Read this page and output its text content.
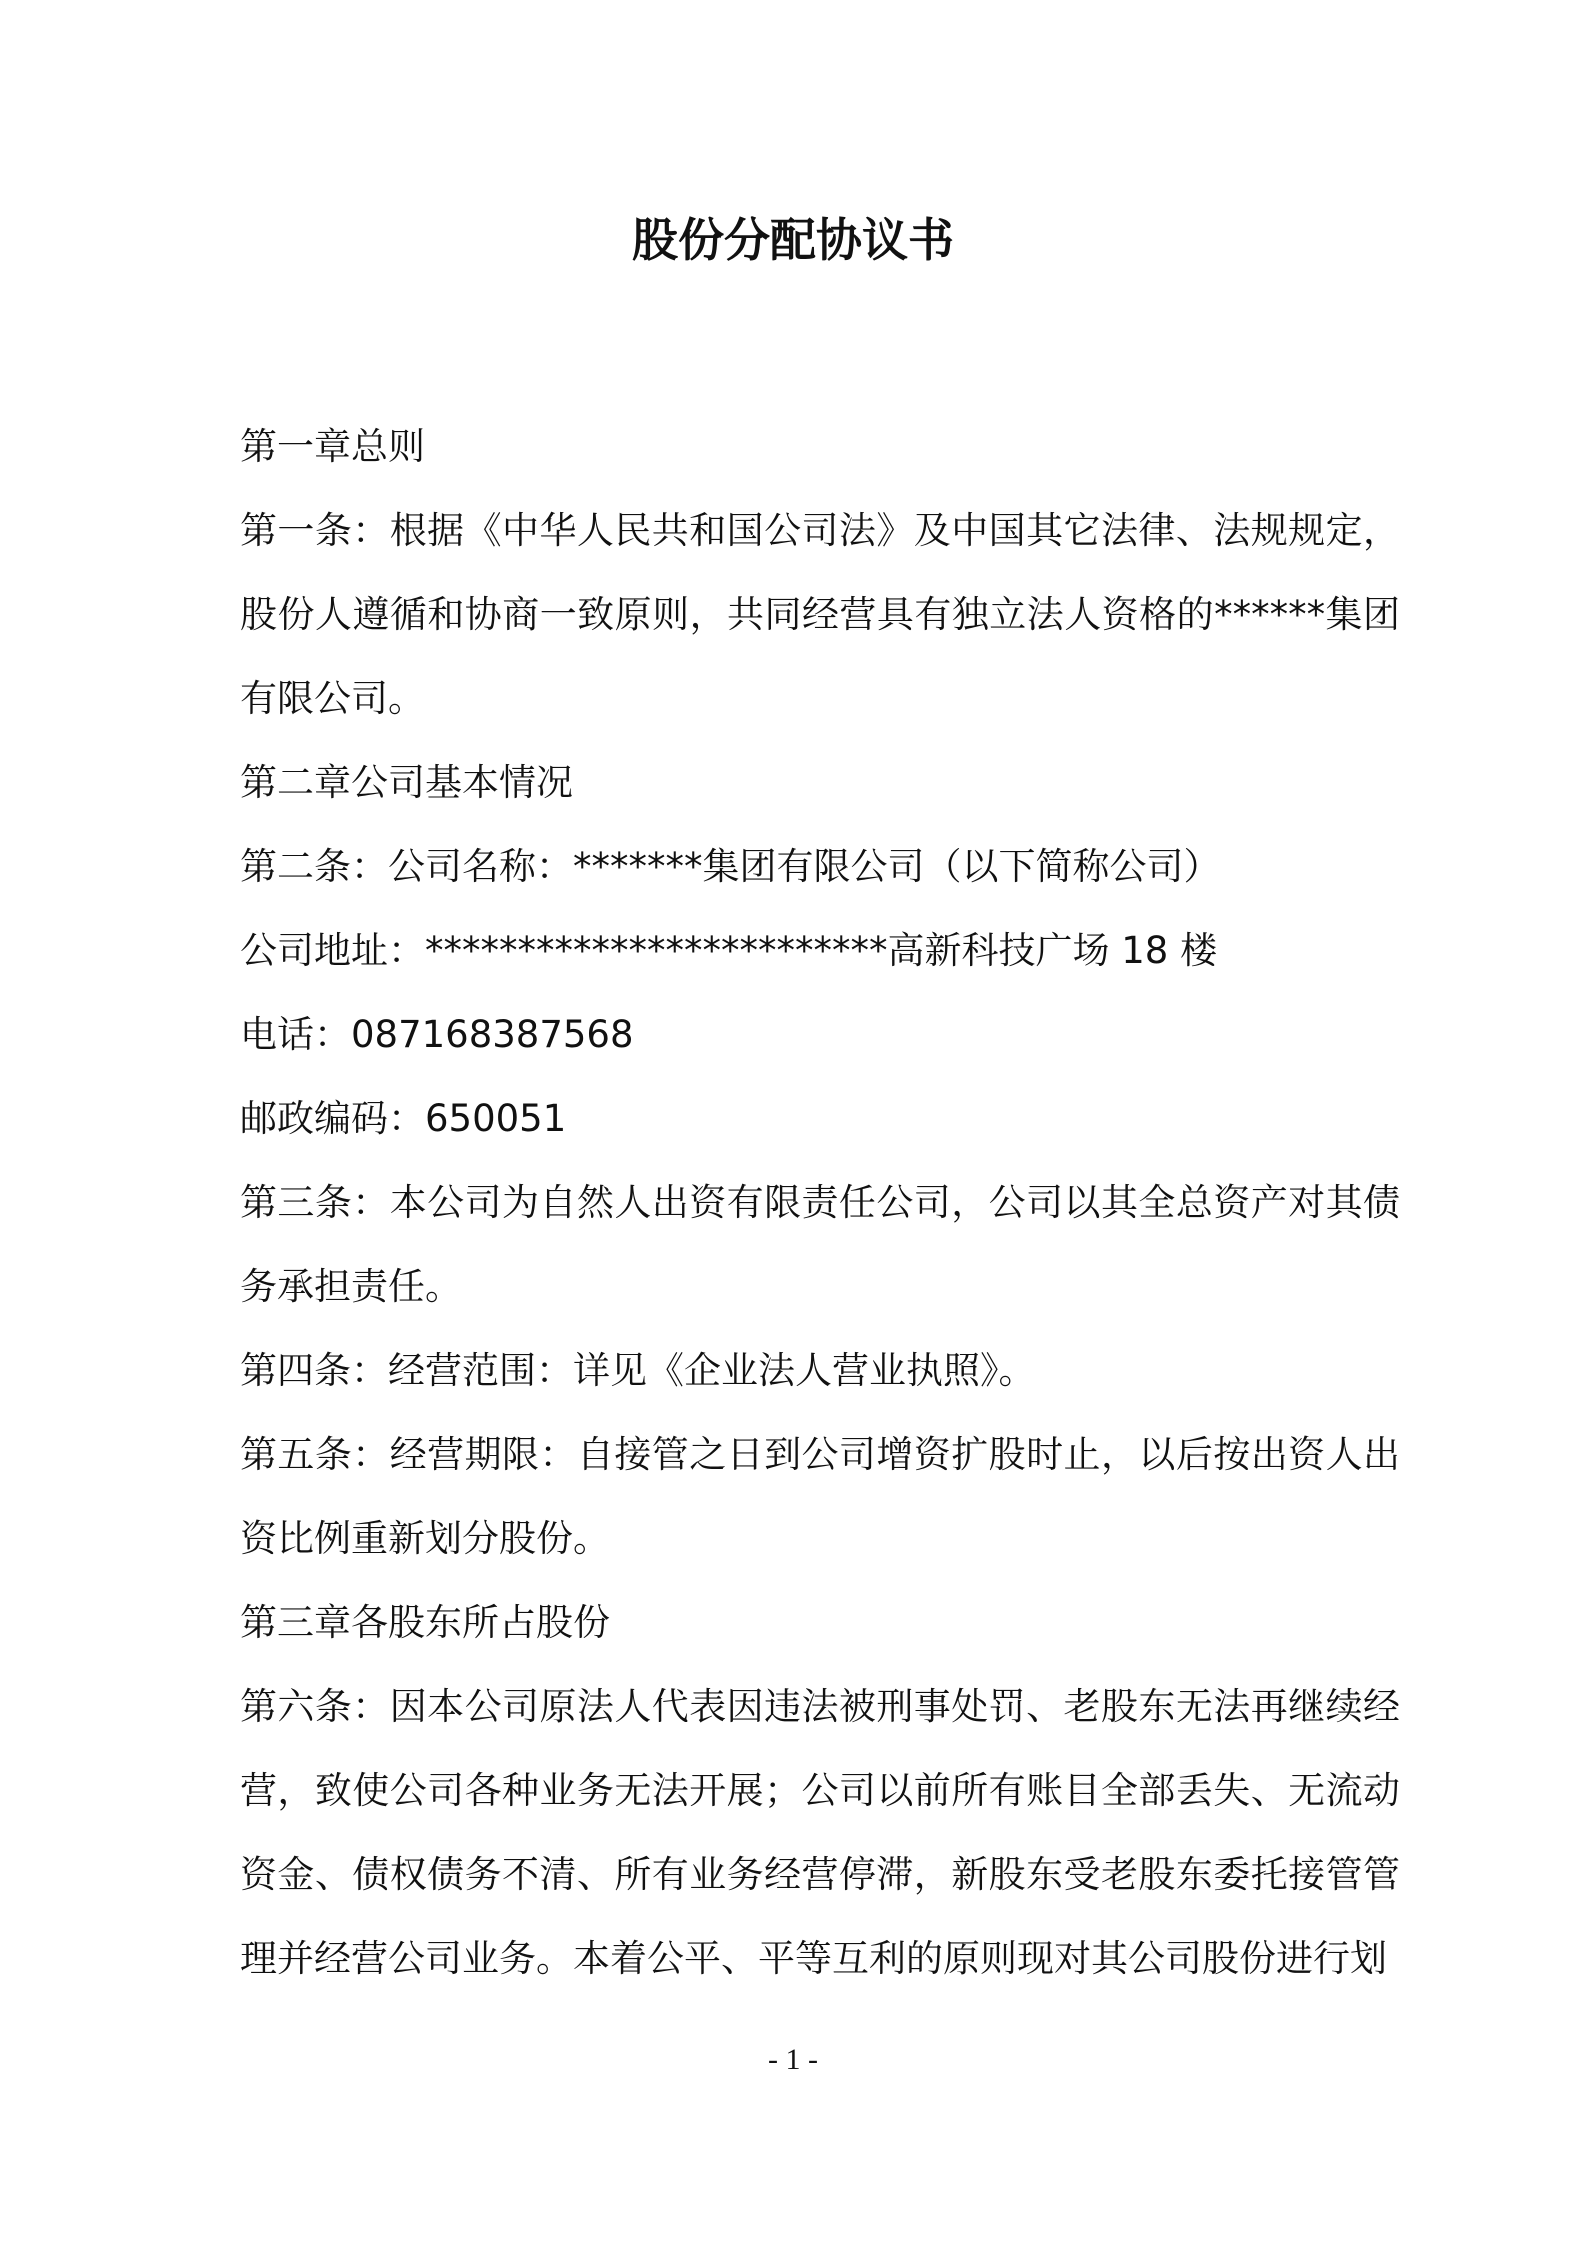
股份分配协议书

第一章总则

第一条：根据《中华人民共和国公司法》及中国其它法律、法规规定，股份人遵循和协商一致原则，共同经营具有独立法人资格的******集团有限公司。

第二章公司基本情况

第二条：公司名称：*******集团有限公司（以下简称公司）

公司地址：*************************高新科技广场 18 楼

电话：087168387568

邮政编码：650051

第三条：本公司为自然人出资有限责任公司，公司以其全总资产对其债务承担责任。

第四条：经营范围：详见《企业法人营业执照》。

第五条：经营期限：自接管之日到公司增资扩股时止，以后按出资人出资比例重新划分股份。

第三章各股东所占股份

第六条：因本公司原法人代表因违法被刑事处罚、老股东无法再继续经营，致使公司各种业务无法开展；公司以前所有账目全部丢失、无流动资金、债权债务不清、所有业务经营停滞，新股东受老股东委托接管管理并经营公司业务。本着公平、平等互利的原则现对其公司股份进行划

- 1 -
